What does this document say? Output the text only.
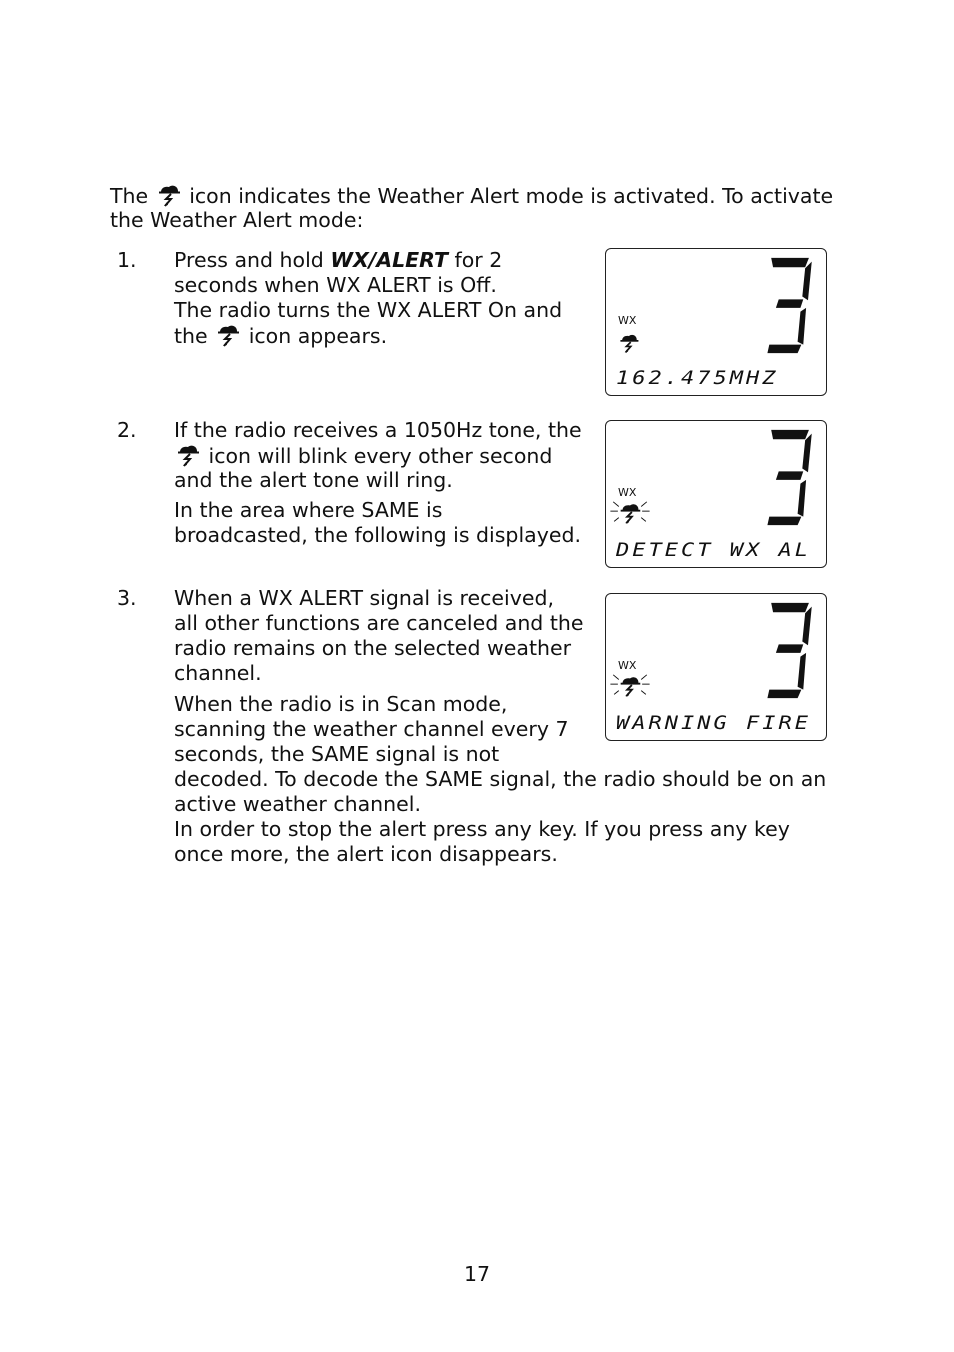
The icon indicates the Weather Alert mode is activated. To activate
the Weather Alert mode:
1. Press and hold WX/ALERT for 2
seconds when WX ALERT is Off.
The radio turns the WX ALERT On and
the icon appears.
WX
162.475MHZ
2. If the radio receives a 1050Hz tone, the
icon will blink every other second
and the alert tone will ring.
In the area where SAME is
broadcasted, the following is displayed.
WX
DETECT WX AL
3. When a WX ALERT signal is received,
all other functions are canceled and the
radio remains on the selected weather
channel.
When the radio is in Scan mode,
scanning the weather channel every 7
seconds, the SAME signal is not
decoded. To decode the SAME signal, the radio should be on an
active weather channel.
In order to stop the alert press any key. If you press any key
once more, the alert icon disappears.
WX
WARNING FIRE
17
